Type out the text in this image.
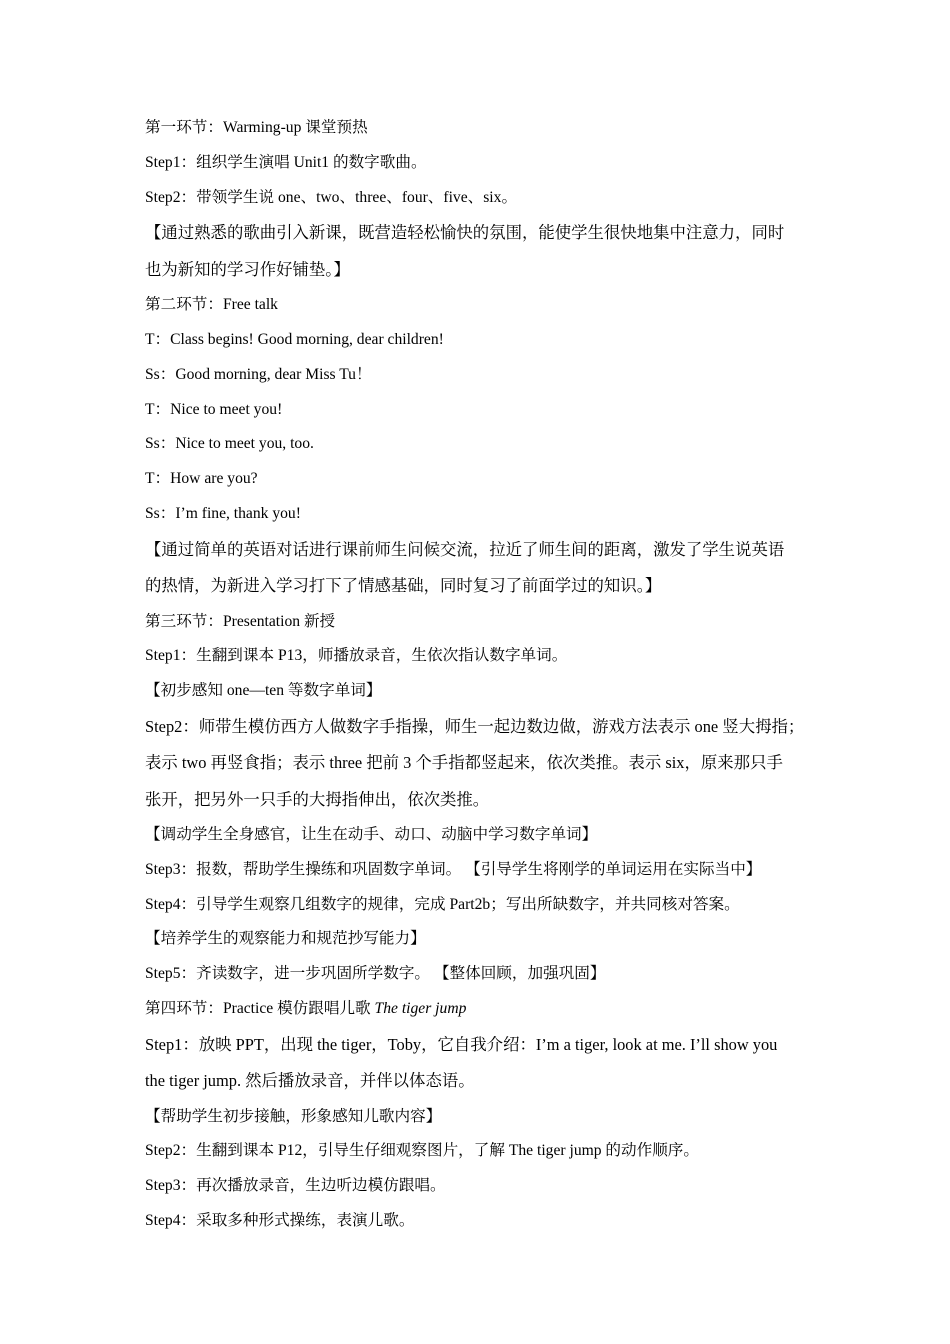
第一环节：Warming-up 课堂预热

Step1：组织学生演唱 Unit1 的数字歌曲。

Step2：带领学生说 one、two、three、four、five、six。

【通过熟悉的歌曲引入新课，既营造轻松愉快的氛围，能使学生很快地集中注意力，同时

也为新知的学习作好铺垫。】

第二环节：Free talk

T：Class begins! Good morning, dear children!

Ss：Good morning, dear Miss Tu！

T：Nice to meet you!

Ss：Nice to meet you, too.

T：How are you?

Ss：I’m fine, thank you!

【通过简单的英语对话进行课前师生问候交流，拉近了师生间的距离，激发了学生说英语

的热情，为新进入学习打下了情感基础，同时复习了前面学过的知识。】

第三环节：Presentation 新授

Step1：生翻到课本 P13，师播放录音，生依次指认数字单词。

【初步感知 one—ten 等数字单词】

Step2：师带生模仿西方人做数字手指操，师生一起边数边做，游戏方法表示 one 竖大拇指；

表示 two 再竖食指；表示 three 把前 3 个手指都竖起来，依次类推。表示 six，原来那只手

张开，把另外一只手的大拇指伸出，依次类推。

【调动学生全身感官，让生在动手、动口、动脑中学习数字单词】

Step3：报数，帮助学生操练和巩固数字单词。 【引导学生将刚学的单词运用在实际当中】

Step4：引导学生观察几组数字的规律，完成 Part2b；写出所缺数字，并共同核对答案。

【培养学生的观察能力和规范抄写能力】

Step5：齐读数字，进一步巩固所学数字。 【整体回顾，加强巩固】

第四环节：Practice 模仿跟唱儿歌 The tiger jump

Step1：放映 PPT，出现 the tiger，Toby，它自我介绍：I’m a tiger, look at me. I’ll show you

the tiger jump. 然后播放录音，并伴以体态语。

【帮助学生初步接触，形象感知儿歌内容】

Step2：生翻到课本 P12，引导生仔细观察图片，了解 The tiger jump 的动作顺序。

Step3：再次播放录音，生边听边模仿跟唱。

Step4：采取多种形式操练，表演儿歌。
